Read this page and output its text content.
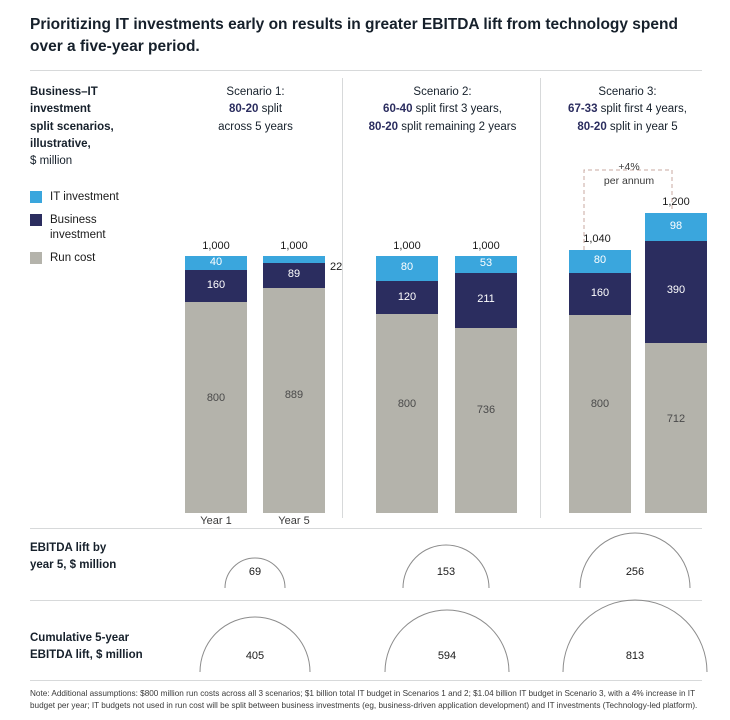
Prioritizing IT investments early on results in greater EBITDA lift from technology spend over a five-year period.
Business–IT
investment
split scenarios,
illustrative,
$ million
IT investment
Business investment
Run cost
Scenario 1:
80-20 split
across 5 years
Scenario 2:
60-40 split first 3 years,
80-20 split remaining 2 years
Scenario 3:
67-33 split first 4 years,
80-20 split in year 5
40
160
800
1,000
Year 1
89
889
1,000
Year 5
22	80
120
800
1,000
53
211
736
1,000
80
160
800
1,040
98
390
712
1,200
+4%
per annum
EBITDA lift by
year 5, $ million
69	153	256
Cumulative 5-year
EBITDA lift, $ million	405	594	813
Note: Additional assumptions: $800 million run costs across all 3 scenarios; $1 billion total IT budget in Scenarios 1 and 2; $1.04 billion IT budget in Scenario 3, with a 4% increase in IT budget per year; IT budgets not used in run cost will be split between business investments (eg, business-driven application development) and IT investments (Technology-led platform).
